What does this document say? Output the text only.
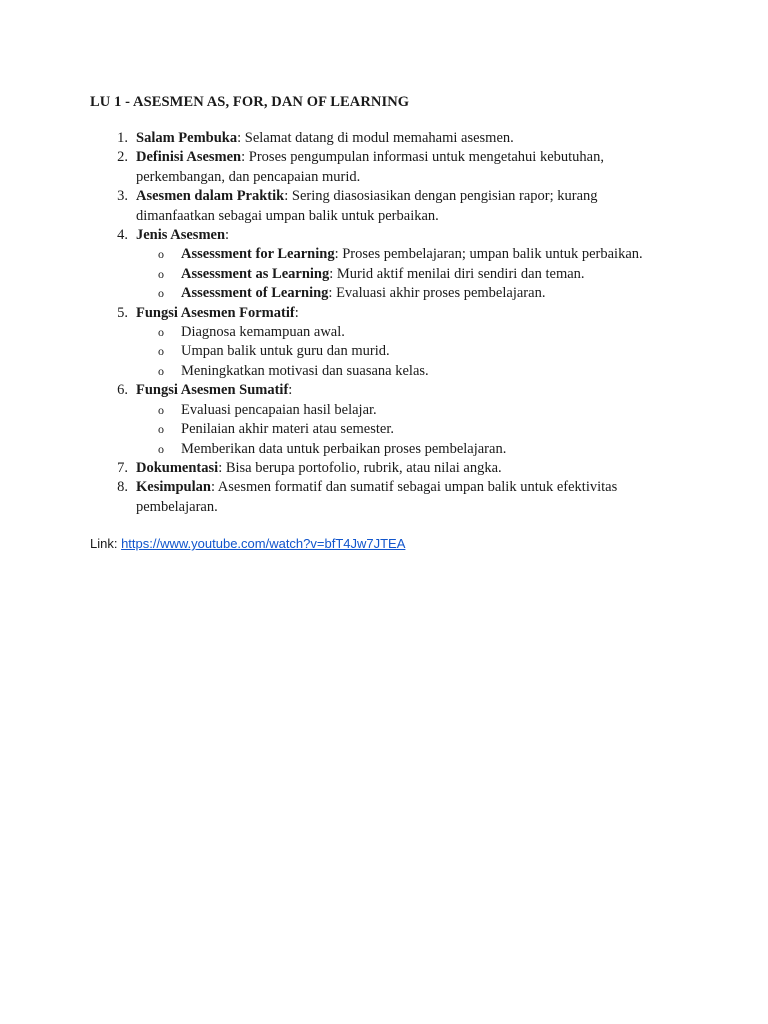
LU 1 - ASESMEN AS, FOR, DAN OF LEARNING

1 . Salam Pembuka: Selamat datang di modul memahami asesmen.
2 . Definisi Asesmen: Proses pengumpulan informasi untuk mengetahui kebutuhan,
perkembangan, dan pencapaian murid.
3 . Asesmen dalam Praktik: Sering diasosiasikan dengan pengisian rapor; kurang
dimanfaatkan sebagai umpan balik untuk perbaikan.
4 . Jenis Asesmen:
o Assessment for Learning: Proses pembelajaran; umpan balik untuk perbaikan.
o Assessment as Learning: Murid aktif menilai diri sendiri dan teman.
o Assessment of Learning: Evaluasi akhir proses pembelajaran.
5 . Fungsi Asesmen Formatif:
o Diagnosa kemampuan awal.
o Umpan balik untuk guru dan murid.
o Meningkatkan motivasi dan suasana kelas.
6 . Fungsi Asesmen Sumatif:
o Evaluasi pencapaian hasil belajar.
o Penilaian akhir materi atau semester.
o Memberikan data untuk perbaikan proses pembelajaran.
7 . Dokumentasi: Bisa berupa portofolio, rubrik, atau nilai angka.
8 . Kesimpulan: Asesmen formatif dan sumatif sebagai umpan balik untuk efektivitas
pembelajaran.

Link: https://www.youtube.com/watch?v=bfT4Jw7JTEA
